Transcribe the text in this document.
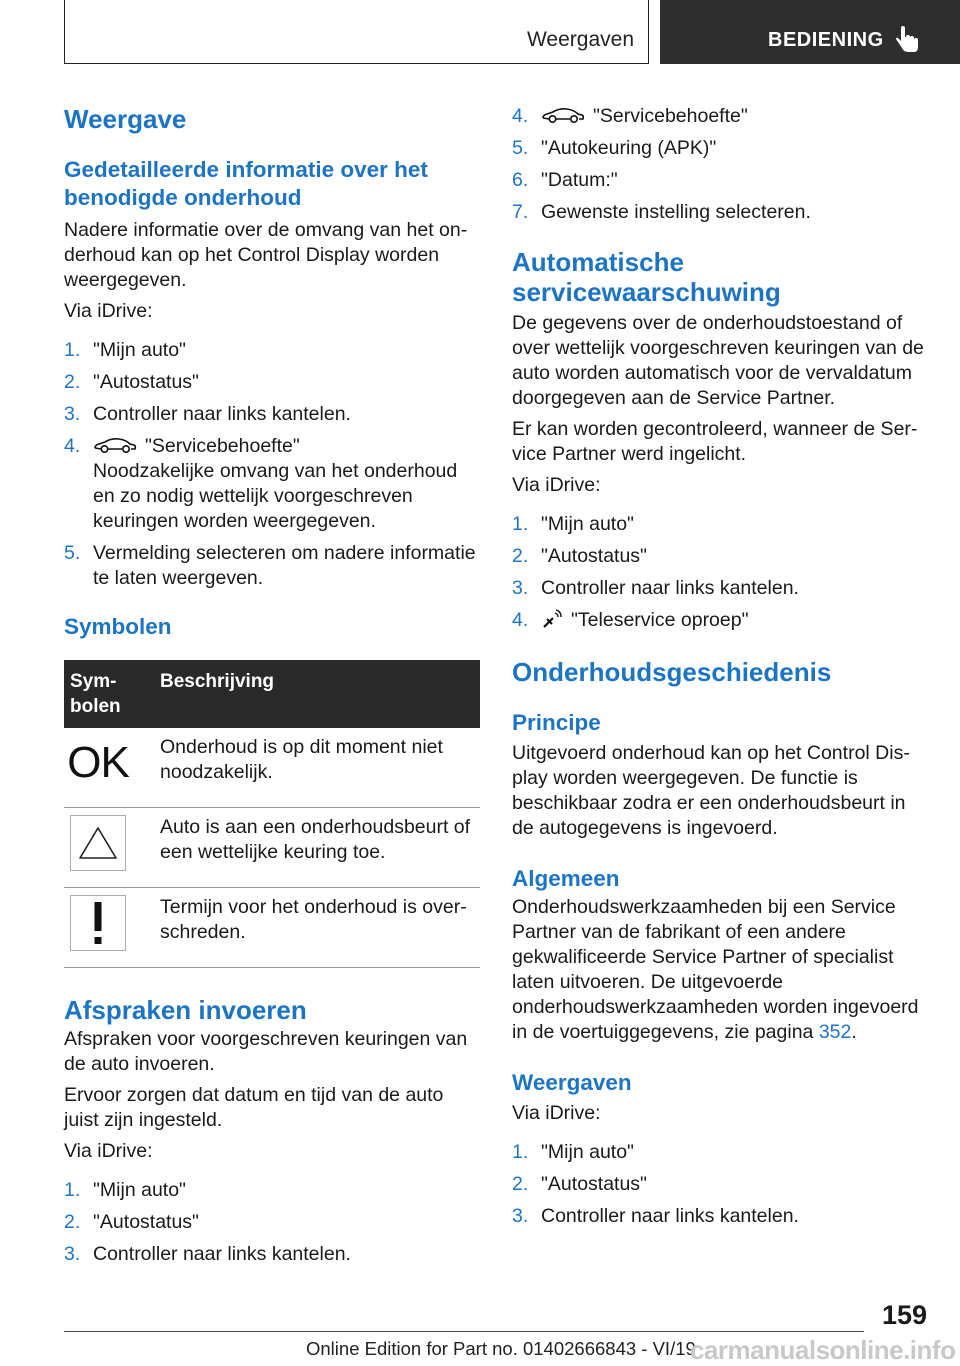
Weergaven	BEDIENING
Weergave
Gedetailleerde informatie over het benodigde onderhoud

Nadere informatie over de omvang van het onderhoud kan op het Control Display worden weergegeven.

Via iDrive:

1. "Mijn auto"
2. "Autostatus"
3. Controller naar links kantelen.
4.	"Servicebehoefte"
Noodzakelijke omvang van het onderhoud en zo nodig wettelijk voorgeschreven keuringen worden weergegeven.
5. Vermelding selecteren om nadere informatie te laten weergeven.
Symbolen
Symbolen	Beschrijving

OK	Onderhoud is op dit moment niet noodzakelijk.

	Auto is aan een onderhoudsbeurt of een wettelijke keuring toe.

	Termijn voor het onderhoud is overschreden.
Afspraken invoeren

Afspraken voor voorgeschreven keuringen van de auto invoeren.

Ervoor zorgen dat datum en tijd van de auto juist zijn ingesteld.

Via iDrive:

1. "Mijn auto"
2. "Autostatus"
3. Controller naar links kantelen.
4.	"Servicebehoefte"
5. "Autokeuring (APK)"
6. "Datum:"
7. Gewenste instelling selecteren.
Automatische servicewaarschuwing

De gegevens over de onderhoudstoestand of over wettelijk voorgeschreven keuringen van de auto worden automatisch voor de vervaldatum doorgegeven aan de Service Partner.

Er kan worden gecontroleerd, wanneer de Service Partner werd ingelicht.

Via iDrive:

1. "Mijn auto"
2. "Autostatus"
3. Controller naar links kantelen.
4.	"Teleservice oproep"
Onderhoudsgeschiedenis
Principe

Uitgevoerd onderhoud kan op het Control Display worden weergegeven. De functie is beschikbaar zodra er een onderhoudsbeurt in de autogegevens is ingevoerd.

Algemeen

Onderhoudswerkzaamheden bij een Service Partner van de fabrikant of een andere gekwalificeerde Service Partner of specialist laten uitvoeren. De uitgevoerde onderhoudswerkzaamheden worden ingevoerd in de voertuiggegevens, zie pagina 352.

Weergaven

Via iDrive:

1. "Mijn auto"
2. "Autostatus"
3. Controller naar links kantelen.
159
Online Edition for Part no. 01402666843 - VI/19
carmanualsonline.info
